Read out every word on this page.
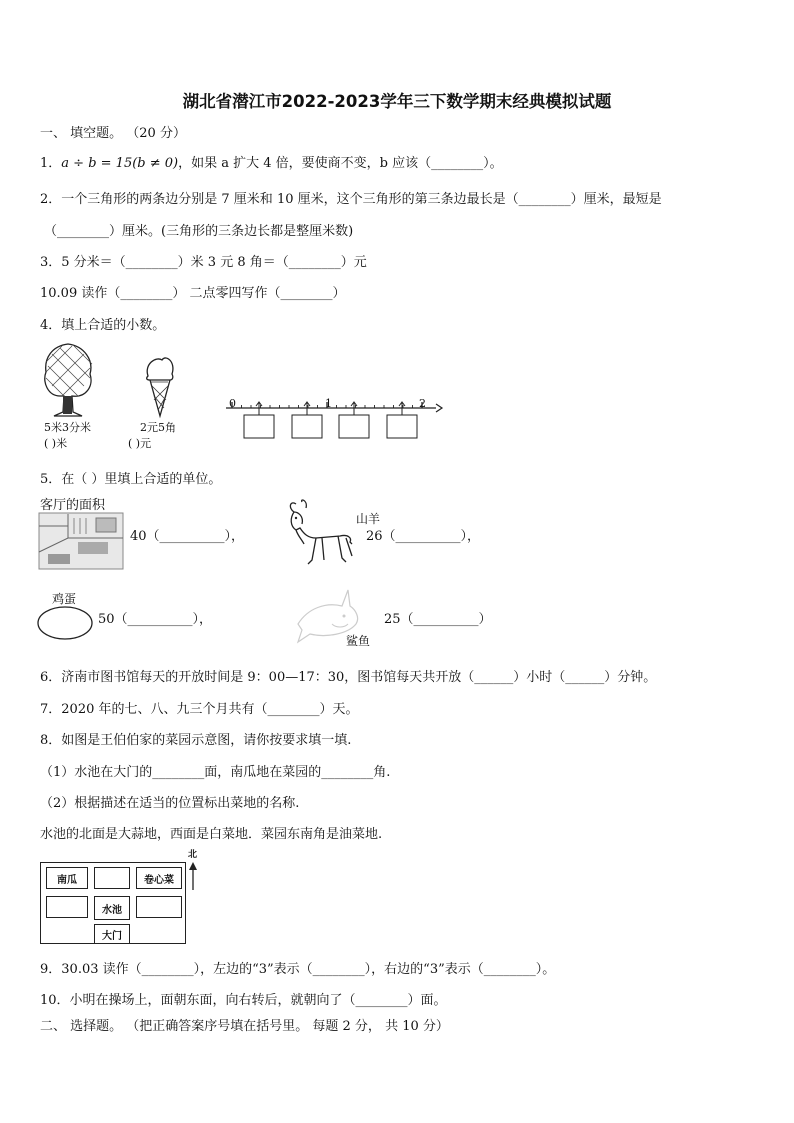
湖北省潜江市2022-2023学年三下数学期末经典模拟试题
一、 填空题。 （20 分）
1．a ÷ b = 15(b ≠ 0)，如果 a 扩大 4 倍，要使商不变，b 应该（________）。
2．一个三角形的两条边分别是 7 厘米和 10 厘米，这个三角形的第三条边最长是（________）厘米，最短是
（________）厘米。(三角形的三条边长都是整厘米数)
3．5 分米＝（________）米 3 元 8 角＝（________）元
10.09 读作（________） 二点零四写作（________）
4．填上合适的小数。
5米3分米
( )米
2元5角
( )元
0	1	2
5．在（ ）里填上合适的单位。
客厅的面积
40（__________），
山羊
26（__________），
鸡蛋
50（__________），
鲨鱼
25（__________）
6．济南市图书馆每天的开放时间是 9：00—17：30，图书馆每天共开放（______）小时（______）分钟。
7．2020 年的七、八、九三个月共有（________）天。
8．如图是王伯伯家的菜园示意图，请你按要求填一填.
（1）水池在大门的________面，南瓜地在菜园的________角.
（2）根据描述在适当的位置标出菜地的名称.
水池的北面是大蒜地，西面是白菜地．菜园东南角是油菜地.
南瓜	卷心菜
水池
大门
北
9．30.03 读作（________），左边的“3”表示（________），右边的“3”表示（________）。
10．小明在操场上，面朝东面，向右转后，就朝向了（________）面。
二、 选择题。 （把正确答案序号填在括号里。 每题 2 分， 共 10 分）
